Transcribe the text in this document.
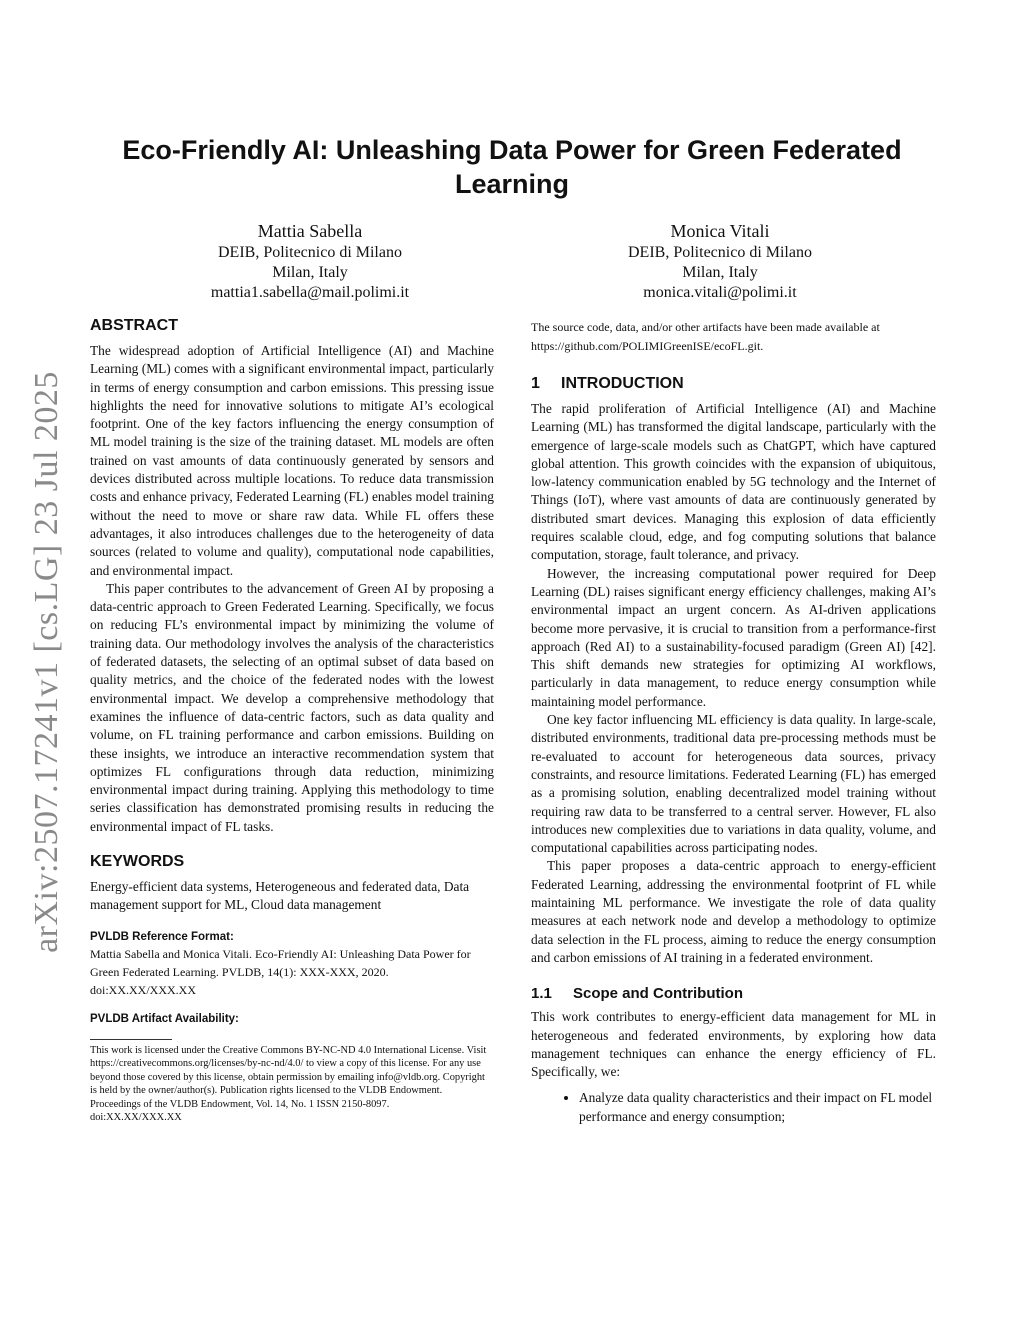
arXiv:2507.17241v1 [cs.LG] 23 Jul 2025
Eco-Friendly AI: Unleashing Data Power for Green Federated Learning
Mattia Sabella
DEIB, Politecnico di Milano
Milan, Italy
mattia1.sabella@mail.polimi.it
Monica Vitali
DEIB, Politecnico di Milano
Milan, Italy
monica.vitali@polimi.it
ABSTRACT

The widespread adoption of Artificial Intelligence (AI) and Machine Learning (ML) comes with a significant environmental impact, particularly in terms of energy consumption and carbon emissions. This pressing issue highlights the need for innovative solutions to mitigate AI’s ecological footprint. One of the key factors influencing the energy consumption of ML model training is the size of the training dataset. ML models are often trained on vast amounts of data continuously generated by sensors and devices distributed across multiple locations. To reduce data transmission costs and enhance privacy, Federated Learning (FL) enables model training without the need to move or share raw data. While FL offers these advantages, it also introduces challenges due to the heterogeneity of data sources (related to volume and quality), computational node capabilities, and environmental impact.

This paper contributes to the advancement of Green AI by proposing a data-centric approach to Green Federated Learning. Specifically, we focus on reducing FL’s environmental impact by minimizing the volume of training data. Our methodology involves the analysis of the characteristics of federated datasets, the selecting of an optimal subset of data based on quality metrics, and the choice of the federated nodes with the lowest environmental impact. We develop a comprehensive methodology that examines the influence of data-centric factors, such as data quality and volume, on FL training performance and carbon emissions. Building on these insights, we introduce an interactive recommendation system that optimizes FL configurations through data reduction, minimizing environmental impact during training. Applying this methodology to time series classification has demonstrated promising results in reducing the environmental impact of FL tasks.

KEYWORDS

Energy-efficient data systems, Heterogeneous and federated data, Data management support for ML, Cloud data management

PVLDB Reference Format:

Mattia Sabella and Monica Vitali. Eco-Friendly AI: Unleashing Data Power for Green Federated Learning. PVLDB, 14(1): XXX-XXX, 2020.

doi:XX.XX/XXX.XX

PVLDB Artifact Availability:

This work is licensed under the Creative Commons BY-NC-ND 4.0 International License. Visit https://creativecommons.org/licenses/by-nc-nd/4.0/ to view a copy of this license. For any use beyond those covered by this license, obtain permission by emailing info@vldb.org. Copyright is held by the owner/author(s). Publication rights licensed to the VLDB Endowment.

Proceedings of the VLDB Endowment, Vol. 14, No. 1 ISSN 2150-8097.

doi:XX.XX/XXX.XX

The source code, data, and/or other artifacts have been made available at https://github.com/POLIMIGreenISE/ecoFL.git.

1 INTRODUCTION

The rapid proliferation of Artificial Intelligence (AI) and Machine Learning (ML) has transformed the digital landscape, particularly with the emergence of large-scale models such as ChatGPT, which have captured global attention. This growth coincides with the expansion of ubiquitous, low-latency communication enabled by 5G technology and the Internet of Things (IoT), where vast amounts of data are continuously generated by distributed smart devices. Managing this explosion of data efficiently requires scalable cloud, edge, and fog computing solutions that balance computation, storage, fault tolerance, and privacy.

However, the increasing computational power required for Deep Learning (DL) raises significant energy efficiency challenges, making AI’s environmental impact an urgent concern. As AI-driven applications become more pervasive, it is crucial to transition from a performance-first approach (Red AI) to a sustainability-focused paradigm (Green AI) [42]. This shift demands new strategies for optimizing AI workflows, particularly in data management, to reduce energy consumption while maintaining model performance.

One key factor influencing ML efficiency is data quality. In large-scale, distributed environments, traditional data pre-processing methods must be re-evaluated to account for heterogeneous data sources, privacy constraints, and resource limitations. Federated Learning (FL) has emerged as a promising solution, enabling decentralized model training without requiring raw data to be transferred to a central server. However, FL also introduces new complexities due to variations in data quality, volume, and computational capabilities across participating nodes.

This paper proposes a data-centric approach to energy-efficient Federated Learning, addressing the environmental footprint of FL while maintaining ML performance. We investigate the role of data quality measures at each network node and develop a methodology to optimize data selection in the FL process, aiming to reduce the energy consumption and carbon emissions of AI training in a federated environment.

1.1 Scope and Contribution

This work contributes to energy-efficient data management for ML in heterogeneous and federated environments, by exploring how data management techniques can enhance the energy efficiency of FL. Specifically, we:

• Analyze data quality characteristics and their impact on FL model performance and energy consumption;
